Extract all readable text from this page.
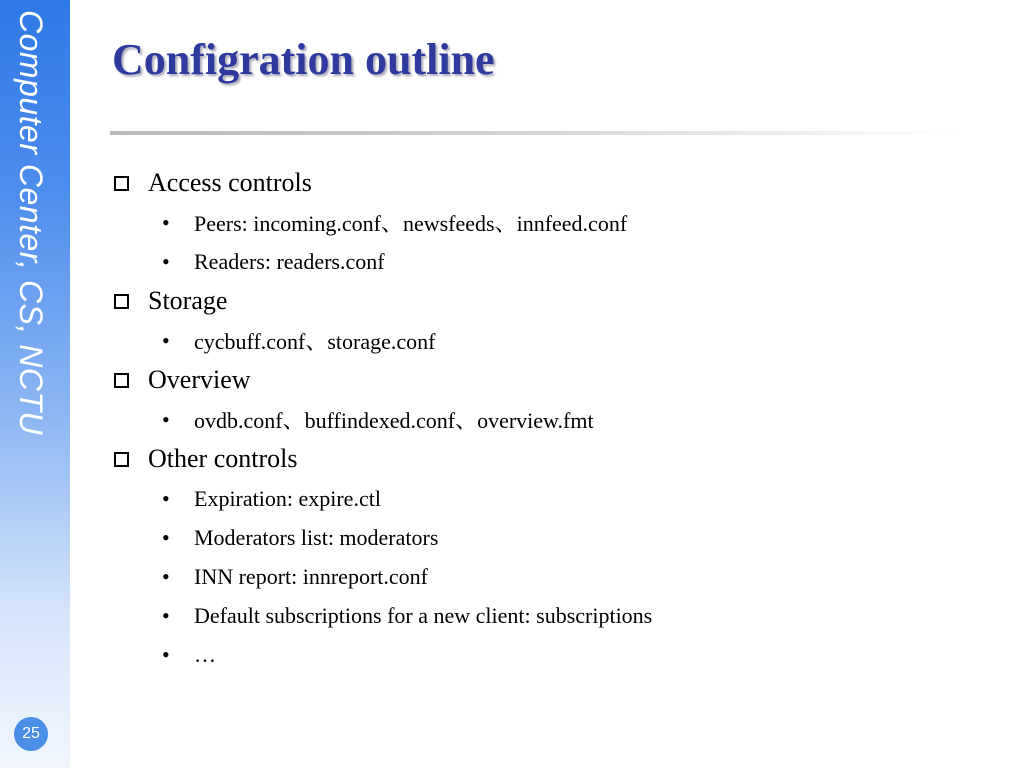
Computer Center, CS, NCTU
25
Configration outline
Access controls
•	Peers: incoming.conf、newsfeeds、innfeed.conf
•	Readers: readers.conf
Storage
•	cycbuff.conf、storage.conf
Overview
•	ovdb.conf、buffindexed.conf、overview.fmt
Other controls
•	Expiration: expire.ctl
•	Moderators list: moderators
•	INN report: innreport.conf
•	Default subscriptions for a new client: subscriptions
•	…
